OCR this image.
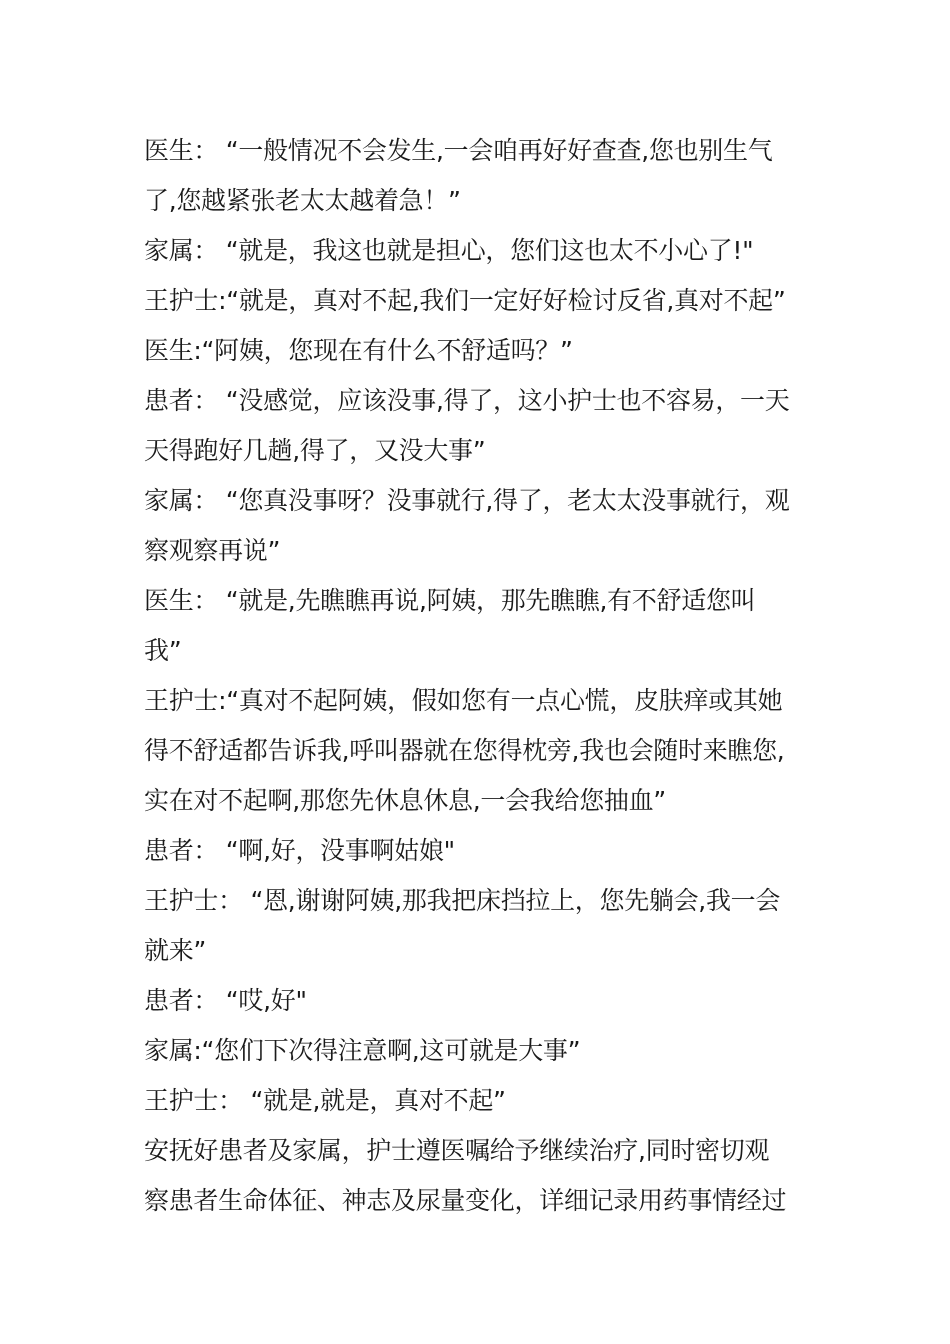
医生： “一般情况不会发生,一会咱再好好查查,您也别生气
了,您越紧张老太太越着急！”
家属： “就是，我这也就是担心，您们这也太不小心了!"
王护士:“就是，真对不起,我们一定好好检讨反省,真对不起”
医生:“阿姨，您现在有什么不舒适吗？”
患者： “没感觉，应该没事,得了，这小护士也不容易，一天
天得跑好几趟,得了，又没大事”
家属： “您真没事呀？没事就行,得了，老太太没事就行，观
察观察再说”
医生： “就是,先瞧瞧再说,阿姨，那先瞧瞧,有不舒适您叫
我”
王护士:“真对不起阿姨，假如您有一点心慌，皮肤痒或其她
得不舒适都告诉我,呼叫器就在您得枕旁,我也会随时来瞧您,
实在对不起啊,那您先休息休息,一会我给您抽血”
患者： “啊,好，没事啊姑娘"
王护士： “恩,谢谢阿姨,那我把床挡拉上，您先躺会,我一会
就来”
患者： “哎,好"
家属:“您们下次得注意啊,这可就是大事”
王护士： “就是,就是，真对不起”
安抚好患者及家属，护士遵医嘱给予继续治疗,同时密切观
察患者生命体征、神志及尿量变化，详细记录用药事情经过
